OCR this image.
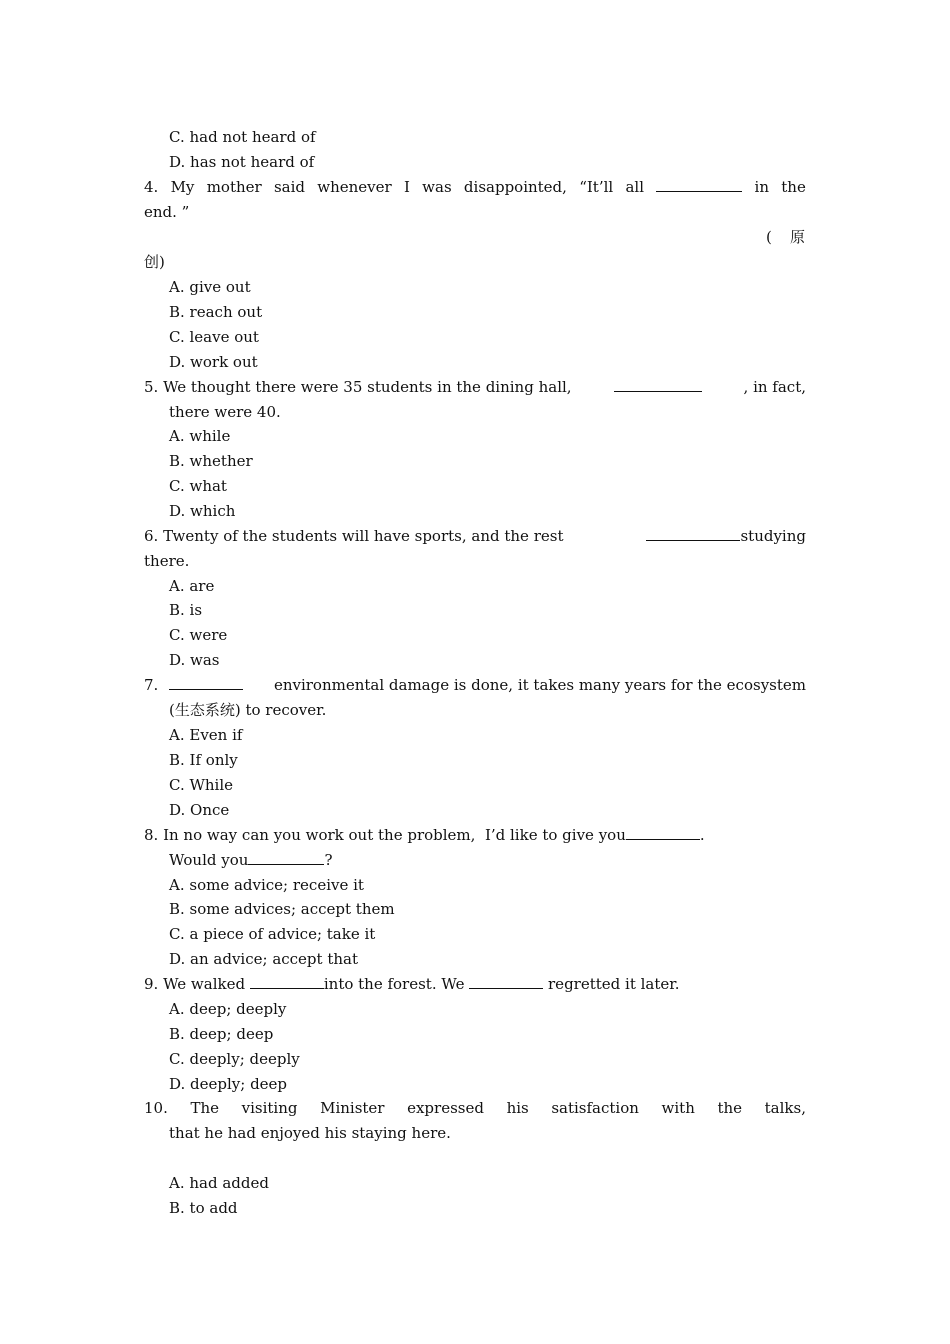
C. had not heard of
D. has not heard of
4. My mother said whenever I was disappointed, “It’ll all	in the
end. ”
( 原
创)
A. give out
B. reach out
C. leave out
D. work out
5. We thought there were 35 students in the dining hall,	, in fact,
there were 40.
A. while
B. whether
C. what
D. which
6. Twenty of the students will have sports, and the rest	studying
there.
A. are
B. is
C. were
D. was
7.	environmental damage is done, it takes many years for the ecosystem
(生态系统) to recover.
A. Even if
B. If only
C. While
D. Once
8. In no way can you work out the problem,  I’d like to give you	.
Would you	?
A. some advice; receive it
B. some advices; accept them
C. a piece of advice; take it
D. an advice; accept that
9. We walked	into the forest. We	regretted it later.
A. deep; deeply
B. deep; deep
C. deeply; deeply
D. deeply; deep
10. The visiting Minister expressed his satisfaction with the talks,
that he had enjoyed his staying here.
A. had added
B. to add
